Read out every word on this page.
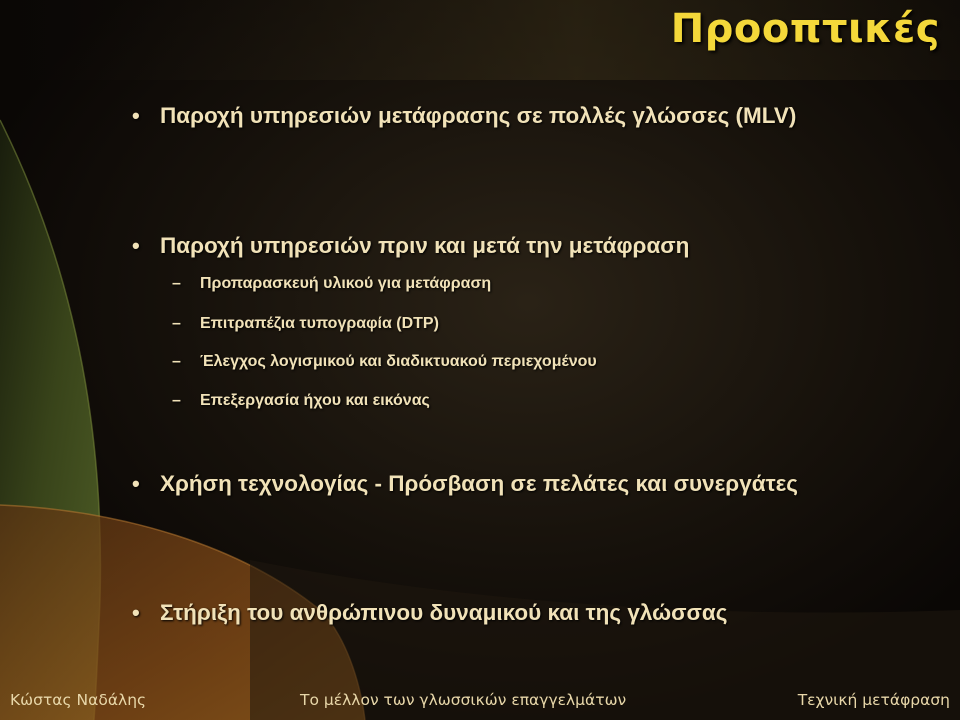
Προοπτικές
• Παροχή υπηρεσιών μετάφρασης σε πολλές γλώσσες (MLV)
• Παροχή υπηρεσιών πριν και μετά την μετάφραση
– Προπαρασκευή υλικού για μετάφραση
– Επιτραπέζια τυπογραφία (DTP)
– Έλεγχος λογισμικού και διαδικτυακού περιεχομένου
– Επεξεργασία ήχου και εικόνας
• Χρήση τεχνολογίας - Πρόσβαση σε πελάτες και συνεργάτες
• Στήριξη του ανθρώπινου δυναμικού και της γλώσσας
Κώστας Ναδάλης	Το μέλλον των γλωσσικών επαγγελμάτων	Τεχνική μετάφραση
